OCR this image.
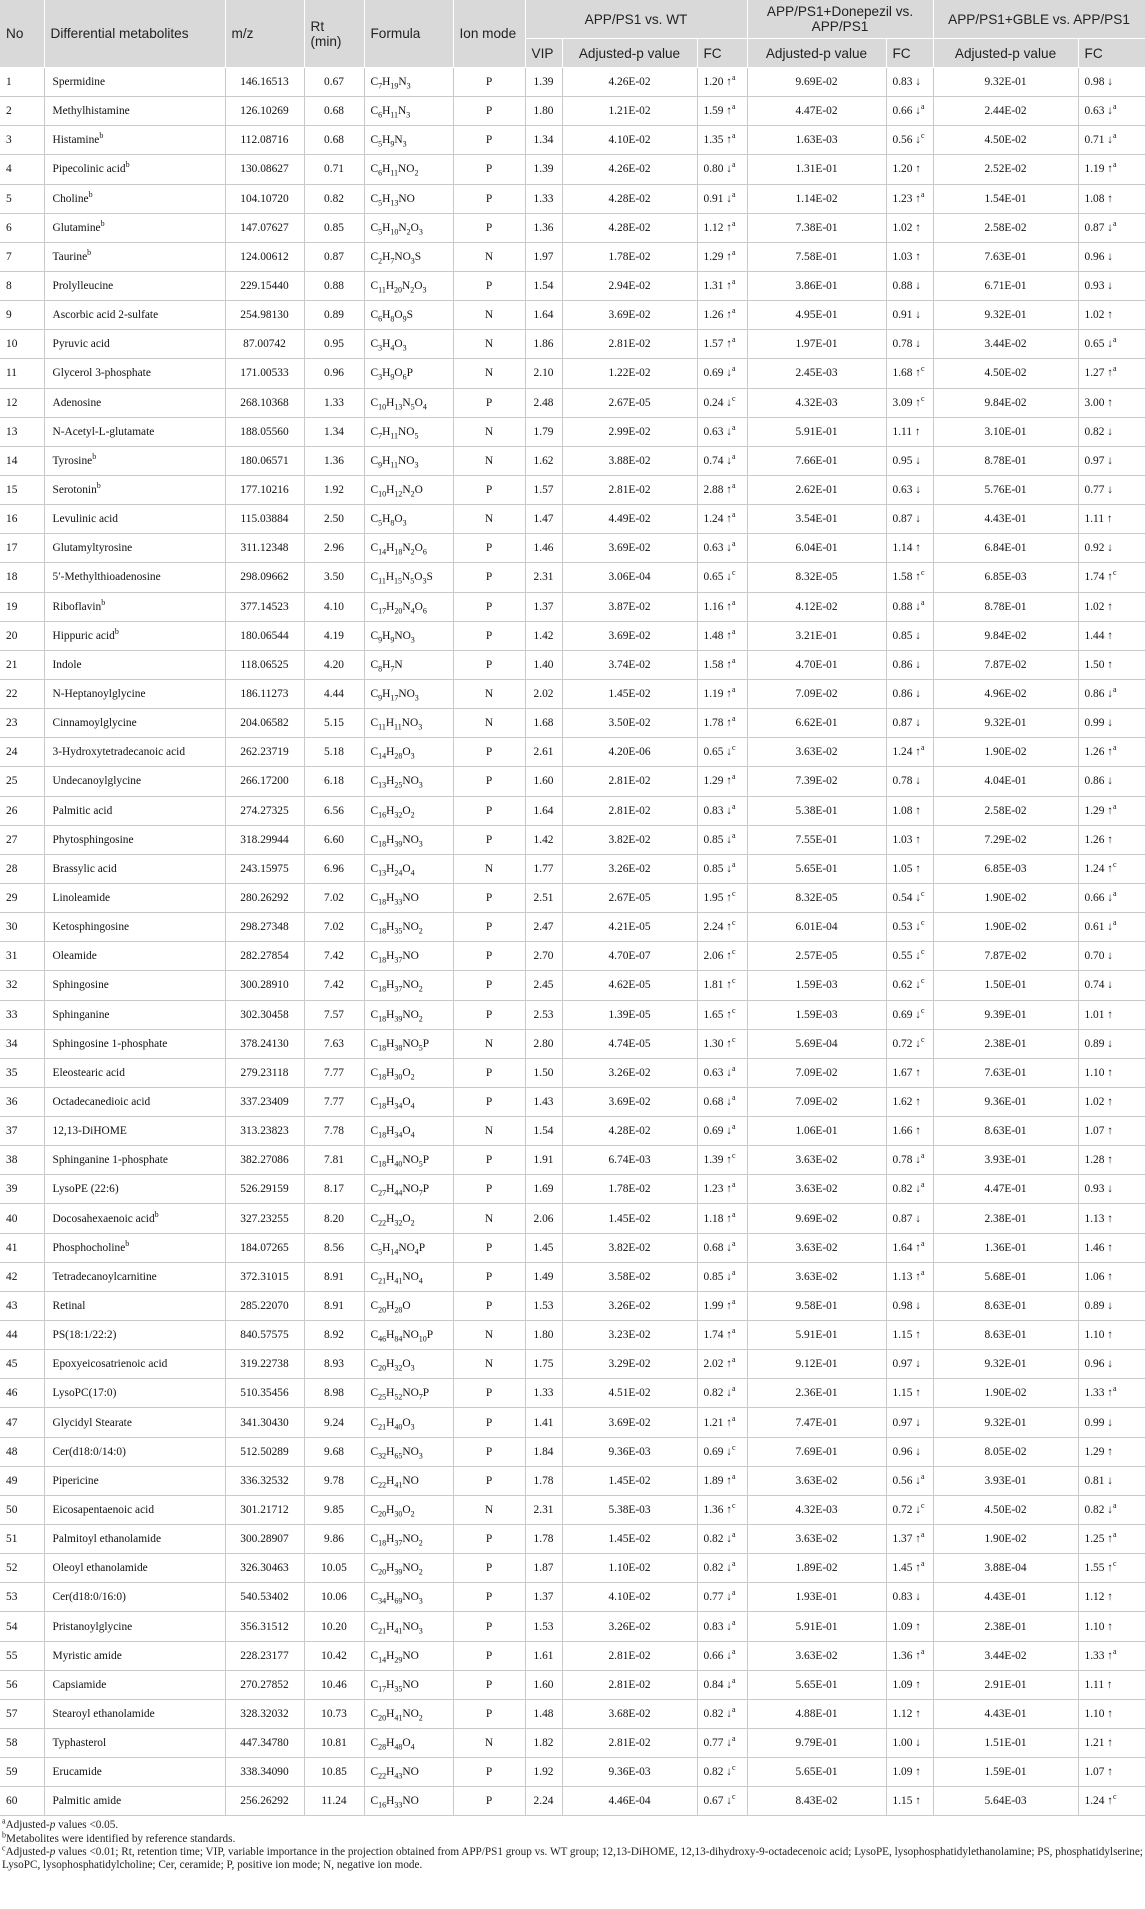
No	Differential metabolites	m/z	Rt (min)	Formula	Ion mode	APP/PS1 vs. WT			APP/PS1+Donepezil vs. APP/PS1		APP/PS1+GBLE vs. APP/PS1	
						VIP	Adjusted-p value	FC	Adjusted-p value	FC	Adjusted-p value	FC
1	Spermidine	146.16513	0.67	$C_7H_{19}N_3$	P	1.39	4.26E-02	1.20 ↑$^a$	9.69E-02	0.83 ↓	9.32E-01	0.98 ↓
2	Methylhistamine	126.10269	0.68	$C_6H_{11}N_3$	P	1.80	1.21E-02	1.59 ↑$^a$	4.47E-02	0.66 ↓$^a$	2.44E-02	0.63 ↓$^a$
3	Histamine$^b$	112.08716	0.68	$C_5H_9N_3$	P	1.34	4.10E-02	1.35 ↑$^a$	1.63E-03	0.56 ↓$^c$	4.50E-02	0.71 ↓$^a$
4	Pipecolinic acid$^b$	130.08627	0.71	$C_6H_{11}NO_2$	P	1.39	4.26E-02	0.80 ↓$^a$	1.31E-01	1.20 ↑	2.52E-02	1.19 ↑$^a$
5	Choline$^b$	104.10720	0.82	$C_5H_{13}NO$	P	1.33	4.28E-02	0.91 ↓$^a$	1.14E-02	1.23 ↑$^a$	1.54E-01	1.08 ↑
6	Glutamine$^b$	147.07627	0.85	$C_5H_{10}N_2O_3$	P	1.36	4.28E-02	1.12 ↑$^a$	7.38E-01	1.02 ↑	2.58E-02	0.87 ↓$^a$
7	Taurine$^b$	124.00612	0.87	$C_2H_7NO_3S$	N	1.97	1.78E-02	1.29 ↑$^a$	7.58E-01	1.03 ↑	7.63E-01	0.96 ↓
8	Prolylleucine	229.15440	0.88	$C_{11}H_{20}N_2O_3$	P	1.54	2.94E-02	1.31 ↑$^a$	3.86E-01	0.88 ↓	6.71E-01	0.93 ↓
9	Ascorbic acid 2-sulfate	254.98130	0.89	$C_6H_8O_9S$	N	1.64	3.69E-02	1.26 ↑$^a$	4.95E-01	0.91 ↓	9.32E-01	1.02 ↑
10	Pyruvic acid	87.00742	0.95	$C_3H_4O_3$	N	1.86	2.81E-02	1.57 ↑$^a$	1.97E-01	0.78 ↓	3.44E-02	0.65 ↓$^a$
11	Glycerol 3-phosphate	171.00533	0.96	$C_3H_9O_6P$	N	2.10	1.22E-02	0.69 ↓$^a$	2.45E-03	1.68 ↑$^c$	4.50E-02	1.27 ↑$^a$
12	Adenosine	268.10368	1.33	$C_{10}H_{13}N_5O_4$	P	2.48	2.67E-05	0.24 ↓$^c$	4.32E-03	3.09 ↑$^c$	9.84E-02	3.00 ↑
13	N-Acetyl-L-glutamate	188.05560	1.34	$C_7H_{11}NO_5$	N	1.79	2.99E-02	0.63 ↓$^a$	5.91E-01	1.11 ↑	3.10E-01	0.82 ↓
14	Tyrosine$^b$	180.06571	1.36	$C_9H_{11}NO_3$	N	1.62	3.88E-02	0.74 ↓$^a$	7.66E-01	0.95 ↓	8.78E-01	0.97 ↓
15	Serotonin$^b$	177.10216	1.92	$C_{10}H_{12}N_2O$	P	1.57	2.81E-02	2.88 ↑$^a$	2.62E-01	0.63 ↓	5.76E-01	0.77 ↓
16	Levulinic acid	115.03884	2.50	$C_5H_8O_3$	N	1.47	4.49E-02	1.24 ↑$^a$	3.54E-01	0.87 ↓	4.43E-01	1.11 ↑
17	Glutamyltyrosine	311.12348	2.96	$C_{14}H_{18}N_2O_6$	P	1.46	3.69E-02	0.63 ↓$^a$	6.04E-01	1.14 ↑	6.84E-01	0.92 ↓
18	5′-Methylthioadenosine	298.09662	3.50	$C_{11}H_{15}N_5O_3S$	P	2.31	3.06E-04	0.65 ↓$^c$	8.32E-05	1.58 ↑$^c$	6.85E-03	1.74 ↑$^c$
19	Riboflavin$^b$	377.14523	4.10	$C_{17}H_{20}N_4O_6$	P	1.37	3.87E-02	1.16 ↑$^a$	4.12E-02	0.88 ↓$^a$	8.78E-01	1.02 ↑
20	Hippuric acid$^b$	180.06544	4.19	$C_9H_9NO_3$	P	1.42	3.69E-02	1.48 ↑$^a$	3.21E-01	0.85 ↓	9.84E-02	1.44 ↑
21	Indole	118.06525	4.20	$C_8H_7N$	P	1.40	3.74E-02	1.58 ↑$^a$	4.70E-01	0.86 ↓	7.87E-02	1.50 ↑
22	N-Heptanoylglycine	186.11273	4.44	$C_9H_{17}NO_3$	N	2.02	1.45E-02	1.19 ↑$^a$	7.09E-02	0.86 ↓	4.96E-02	0.86 ↓$^a$
23	Cinnamoylglycine	204.06582	5.15	$C_{11}H_{11}NO_3$	N	1.68	3.50E-02	1.78 ↑$^a$	6.62E-01	0.87 ↓	9.32E-01	0.99 ↓
24	3-Hydroxytetradecanoic acid	262.23719	5.18	$C_{14}H_{28}O_3$	P	2.61	4.20E-06	0.65 ↓$^c$	3.63E-02	1.24 ↑$^a$	1.90E-02	1.26 ↑$^a$
25	Undecanoylglycine	266.17200	6.18	$C_{13}H_{25}NO_3$	P	1.60	2.81E-02	1.29 ↑$^a$	7.39E-02	0.78 ↓	4.04E-01	0.86 ↓
26	Palmitic acid	274.27325	6.56	$C_{16}H_{32}O_2$	P	1.64	2.81E-02	0.83 ↓$^a$	5.38E-01	1.08 ↑	2.58E-02	1.29 ↑$^a$
27	Phytosphingosine	318.29944	6.60	$C_{18}H_{39}NO_3$	P	1.42	3.82E-02	0.85 ↓$^a$	7.55E-01	1.03 ↑	7.29E-02	1.26 ↑
28	Brassylic acid	243.15975	6.96	$C_{13}H_{24}O_4$	N	1.77	3.26E-02	0.85 ↓$^a$	5.65E-01	1.05 ↑	6.85E-03	1.24 ↑$^c$
29	Linoleamide	280.26292	7.02	$C_{18}H_{33}NO$	P	2.51	2.67E-05	1.95 ↑$^c$	8.32E-05	0.54 ↓$^c$	1.90E-02	0.66 ↓$^a$
30	Ketosphingosine	298.27348	7.02	$C_{18}H_{35}NO_2$	P	2.47	4.21E-05	2.24 ↑$^c$	6.01E-04	0.53 ↓$^c$	1.90E-02	0.61 ↓$^a$
31	Oleamide	282.27854	7.42	$C_{18}H_{37}NO$	P	2.70	4.70E-07	2.06 ↑$^c$	2.57E-05	0.55 ↓$^c$	7.87E-02	0.70 ↓
32	Sphingosine	300.28910	7.42	$C_{18}H_{37}NO_2$	P	2.45	4.62E-05	1.81 ↑$^c$	1.59E-03	0.62 ↓$^c$	1.50E-01	0.74 ↓
33	Sphinganine	302.30458	7.57	$C_{18}H_{39}NO_2$	P	2.53	1.39E-05	1.65 ↑$^c$	1.59E-03	0.69 ↓$^c$	9.39E-01	1.01 ↑
34	Sphingosine 1-phosphate	378.24130	7.63	$C_{18}H_{38}NO_5P$	N	2.80	4.74E-05	1.30 ↑$^c$	5.69E-04	0.72 ↓$^c$	2.38E-01	0.89 ↓
35	Eleostearic acid	279.23118	7.77	$C_{18}H_{30}O_2$	P	1.50	3.26E-02	0.63 ↓$^a$	7.09E-02	1.67 ↑	7.63E-01	1.10 ↑
36	Octadecanedioic acid	337.23409	7.77	$C_{18}H_{34}O_4$	P	1.43	3.69E-02	0.68 ↓$^a$	7.09E-02	1.62 ↑	9.36E-01	1.02 ↑
37	12,13-DiHOME	313.23823	7.78	$C_{18}H_{34}O_4$	N	1.54	4.28E-02	0.69 ↓$^a$	1.06E-01	1.66 ↑	8.63E-01	1.07 ↑
38	Sphinganine 1-phosphate	382.27086	7.81	$C_{18}H_{40}NO_5P$	P	1.91	6.74E-03	1.39 ↑$^c$	3.63E-02	0.78 ↓$^a$	3.93E-01	1.28 ↑
39	LysoPE (22:6)	526.29159	8.17	$C_{27}H_{44}NO_7P$	P	1.69	1.78E-02	1.23 ↑$^a$	3.63E-02	0.82 ↓$^a$	4.47E-01	0.93 ↓
40	Docosahexaenoic acid$^b$	327.23255	8.20	$C_{22}H_{32}O_2$	N	2.06	1.45E-02	1.18 ↑$^a$	9.69E-02	0.87 ↓	2.38E-01	1.13 ↑
41	Phosphocholine$^b$	184.07265	8.56	$C_5H_{14}NO_4P$	P	1.45	3.82E-02	0.68 ↓$^a$	3.63E-02	1.64 ↑$^a$	1.36E-01	1.46 ↑
42	Tetradecanoylcarnitine	372.31015	8.91	$C_{21}H_{41}NO_4$	P	1.49	3.58E-02	0.85 ↓$^a$	3.63E-02	1.13 ↑$^a$	5.68E-01	1.06 ↑
43	Retinal	285.22070	8.91	$C_{20}H_{28}O$	P	1.53	3.26E-02	1.99 ↑$^a$	9.58E-01	0.98 ↓	8.63E-01	0.89 ↓
44	PS(18:1/22:2)	840.57575	8.92	$C_{46}H_{84}NO_{10}P$	N	1.80	3.23E-02	1.74 ↑$^a$	5.91E-01	1.15 ↑	8.63E-01	1.10 ↑
45	Epoxyeicosatrienoic acid	319.22738	8.93	$C_{20}H_{32}O_3$	N	1.75	3.29E-02	2.02 ↑$^a$	9.12E-01	0.97 ↓	9.32E-01	0.96 ↓
46	LysoPC(17:0)	510.35456	8.98	$C_{25}H_{52}NO_7P$	P	1.33	4.51E-02	0.82 ↓$^a$	2.36E-01	1.15 ↑	1.90E-02	1.33 ↑$^a$
47	Glycidyl Stearate	341.30430	9.24	$C_{21}H_{40}O_3$	P	1.41	3.69E-02	1.21 ↑$^a$	7.47E-01	0.97 ↓	9.32E-01	0.99 ↓
48	Cer(d18:0/14:0)	512.50289	9.68	$C_{32}H_{65}NO_3$	P	1.84	9.36E-03	0.69 ↓$^c$	7.69E-01	0.96 ↓	8.05E-02	1.29 ↑
49	Pipericine	336.32532	9.78	$C_{22}H_{41}NO$	P	1.78	1.45E-02	1.89 ↑$^a$	3.63E-02	0.56 ↓$^a$	3.93E-01	0.81 ↓
50	Eicosapentaenoic acid	301.21712	9.85	$C_{20}H_{30}O_2$	N	2.31	5.38E-03	1.36 ↑$^c$	4.32E-03	0.72 ↓$^c$	4.50E-02	0.82 ↓$^a$
51	Palmitoyl ethanolamide	300.28907	9.86	$C_{18}H_{37}NO_2$	P	1.78	1.45E-02	0.82 ↓$^a$	3.63E-02	1.37 ↑$^a$	1.90E-02	1.25 ↑$^a$
52	Oleoyl ethanolamide	326.30463	10.05	$C_{20}H_{39}NO_2$	P	1.87	1.10E-02	0.82 ↓$^a$	1.89E-02	1.45 ↑$^a$	3.88E-04	1.55 ↑$^c$
53	Cer(d18:0/16:0)	540.53402	10.06	$C_{34}H_{69}NO_3$	P	1.37	4.10E-02	0.77 ↓$^a$	1.93E-01	0.83 ↓	4.43E-01	1.12 ↑
54	Pristanoylglycine	356.31512	10.20	$C_{21}H_{41}NO_3$	P	1.53	3.26E-02	0.83 ↓$^a$	5.91E-01	1.09 ↑	2.38E-01	1.10 ↑
55	Myristic amide	228.23177	10.42	$C_{14}H_{29}NO$	P	1.61	2.81E-02	0.66 ↓$^a$	3.63E-02	1.36 ↑$^a$	3.44E-02	1.33 ↑$^a$
56	Capsiamide	270.27852	10.46	$C_{17}H_{35}NO$	P	1.60	2.81E-02	0.84 ↓$^a$	5.65E-01	1.09 ↑	2.91E-01	1.11 ↑
57	Stearoyl ethanolamide	328.32032	10.73	$C_{20}H_{41}NO_2$	P	1.48	3.68E-02	0.82 ↓$^a$	4.88E-01	1.12 ↑	4.43E-01	1.10 ↑
58	Typhasterol	447.34780	10.81	$C_{28}H_{48}O_4$	N	1.82	2.81E-02	0.77 ↓$^a$	9.79E-01	1.00 ↓	1.51E-01	1.21 ↑
59	Erucamide	338.34090	10.85	$C_{22}H_{43}NO$	P	1.92	9.36E-03	0.82 ↓$^c$	5.65E-01	1.09 ↑	1.59E-01	1.07 ↑
60	Palmitic amide	256.26292	11.24	$C_{16}H_{33}NO$	P	2.24	4.46E-04	0.67 ↓$^c$	8.43E-02	1.15 ↑	5.64E-03	1.24 ↑$^c$
$^a$Adjusted-p values <0.05.
$^b$Metabolites were identified by reference standards.
$^c$Adjusted-p values <0.01; Rt, retention time; VIP, variable importance in the projection obtained from APP/PS1 group vs. WT group; 12,13-DiHOME, 12,13-dihydroxy-9-octadecenoic acid; LysoPE, lysophosphatidylethanolamine; PS, phosphatidylserine;
LysoPC, lysophosphatidylcholine; Cer, ceramide; P, positive ion mode; N, negative ion mode.
